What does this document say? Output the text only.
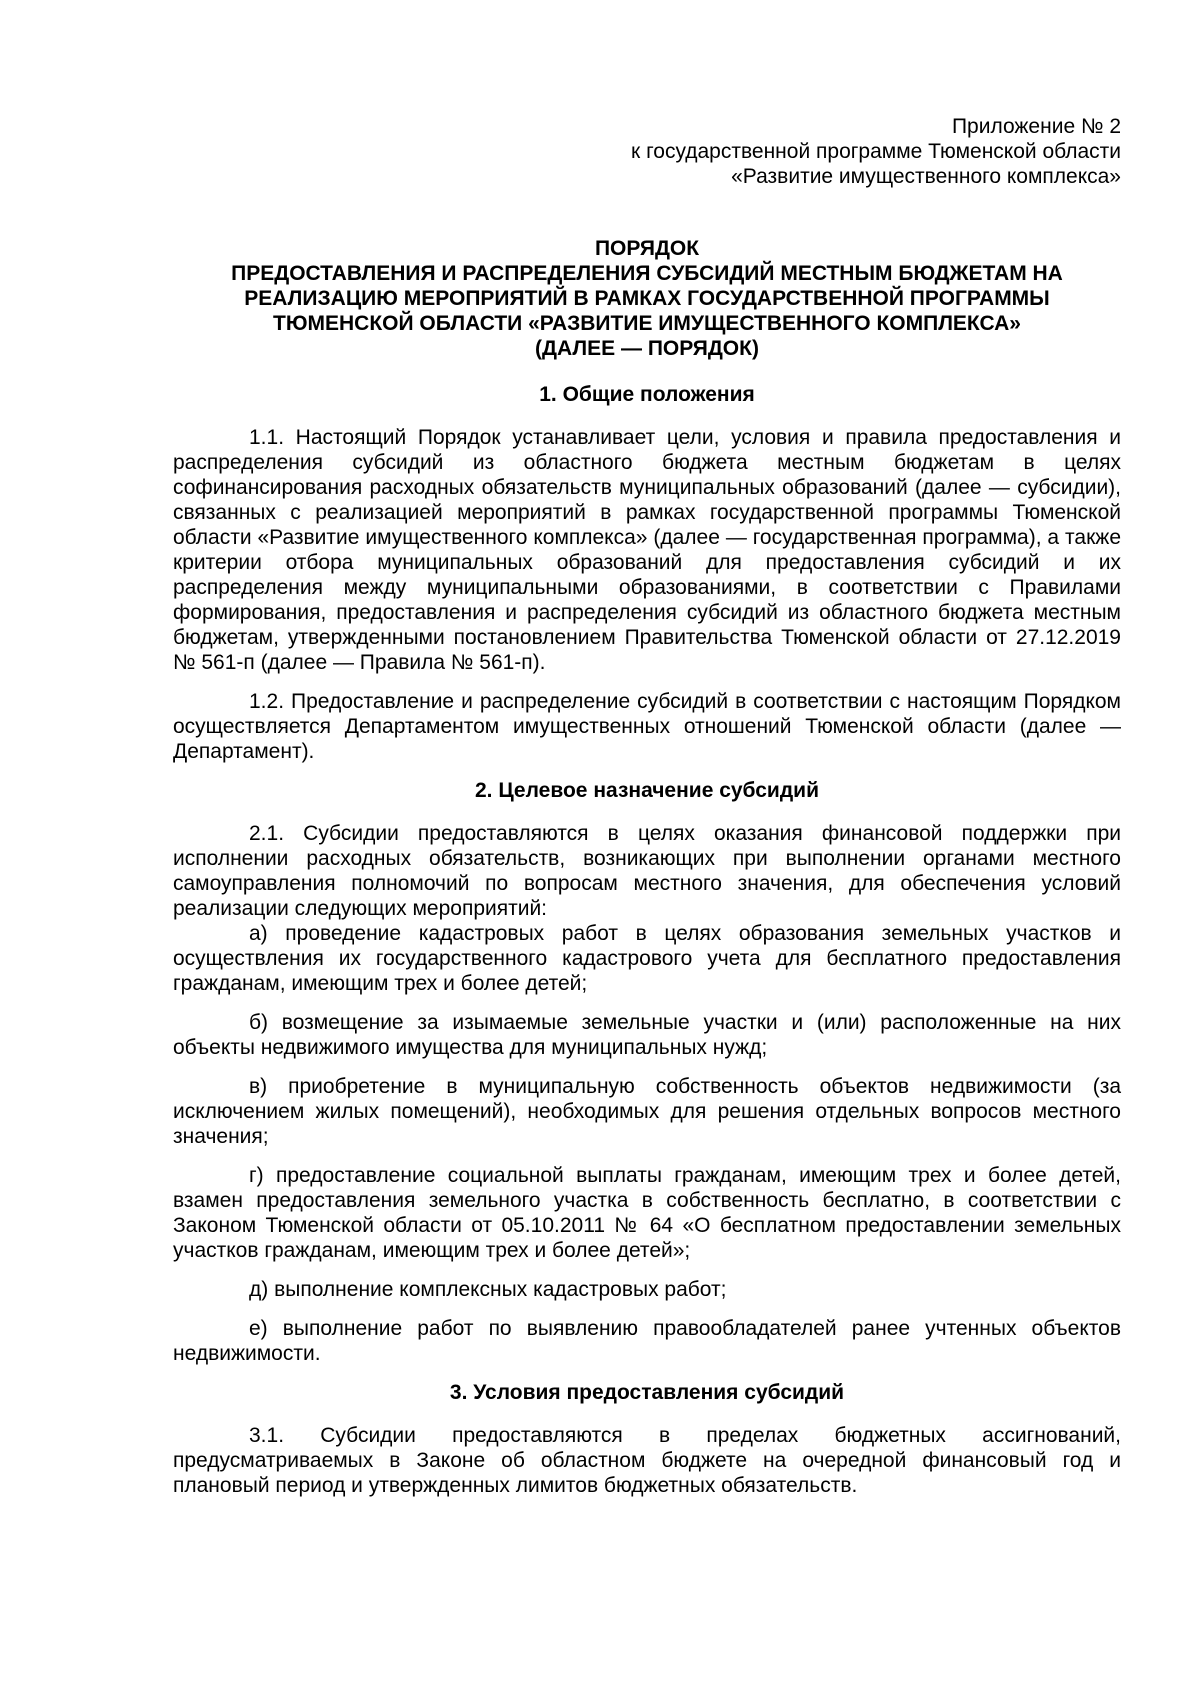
Приложение № 2
к государственной программе Тюменской области
«Развитие имущественного комплекса»
ПОРЯДОК
ПРЕДОСТАВЛЕНИЯ И РАСПРЕДЕЛЕНИЯ СУБСИДИЙ МЕСТНЫМ БЮДЖЕТАМ НА
РЕАЛИЗАЦИЮ МЕРОПРИЯТИЙ В РАМКАХ ГОСУДАРСТВЕННОЙ ПРОГРАММЫ
ТЮМЕНСКОЙ ОБЛАСТИ «РАЗВИТИЕ ИМУЩЕСТВЕННОГО КОМПЛЕКСА»
(ДАЛЕЕ — ПОРЯДОК)
1. Общие положения

1.1. Настоящий Порядок устанавливает цели, условия и правила предоставления и распределения субсидий из областного бюджета местным бюджетам в целях софинансирования расходных обязательств муниципальных образований (далее — субсидии), связанных с реализацией мероприятий в рамках государственной программы Тюменской области «Развитие имущественного комплекса» (далее — государственная программа), а также критерии отбора муниципальных образований для предоставления субсидий и их распределения между муниципальными образованиями, в соответствии с Правилами формирования, предоставления и распределения субсидий из областного бюджета местным бюджетам, утвержденными постановлением Правительства Тюменской области от 27.12.2019 № 561-п (далее — Правила № 561-п).

1.2. Предоставление и распределение субсидий в соответствии с настоящим Порядком осуществляется Департаментом имущественных отношений Тюменской области (далее — Департамент).

2. Целевое назначение субсидий

2.1. Субсидии предоставляются в целях оказания финансовой поддержки при исполнении расходных обязательств, возникающих при выполнении органами местного самоуправления полномочий по вопросам местного значения, для обеспечения условий реализации следующих мероприятий:

а) проведение кадастровых работ в целях образования земельных участков и осуществления их государственного кадастрового учета для бесплатного предоставления гражданам, имеющим трех и более детей;

б) возмещение за изымаемые земельные участки и (или) расположенные на них объекты недвижимого имущества для муниципальных нужд;

в) приобретение в муниципальную собственность объектов недвижимости (за исключением жилых помещений), необходимых для решения отдельных вопросов местного значения;

г) предоставление социальной выплаты гражданам, имеющим трех и более детей, взамен предоставления земельного участка в собственность бесплатно, в соответствии с Законом Тюменской области от 05.10.2011 № 64 «О бесплатном предоставлении земельных участков гражданам, имеющим трех и более детей»;

д) выполнение комплексных кадастровых работ;

е) выполнение работ по выявлению правообладателей ранее учтенных объектов недвижимости.

3. Условия предоставления субсидий

3.1. Субсидии предоставляются в пределах бюджетных ассигнований, предусматриваемых в Законе об областном бюджете на очередной финансовый год и плановый период и утвержденных лимитов бюджетных обязательств.
